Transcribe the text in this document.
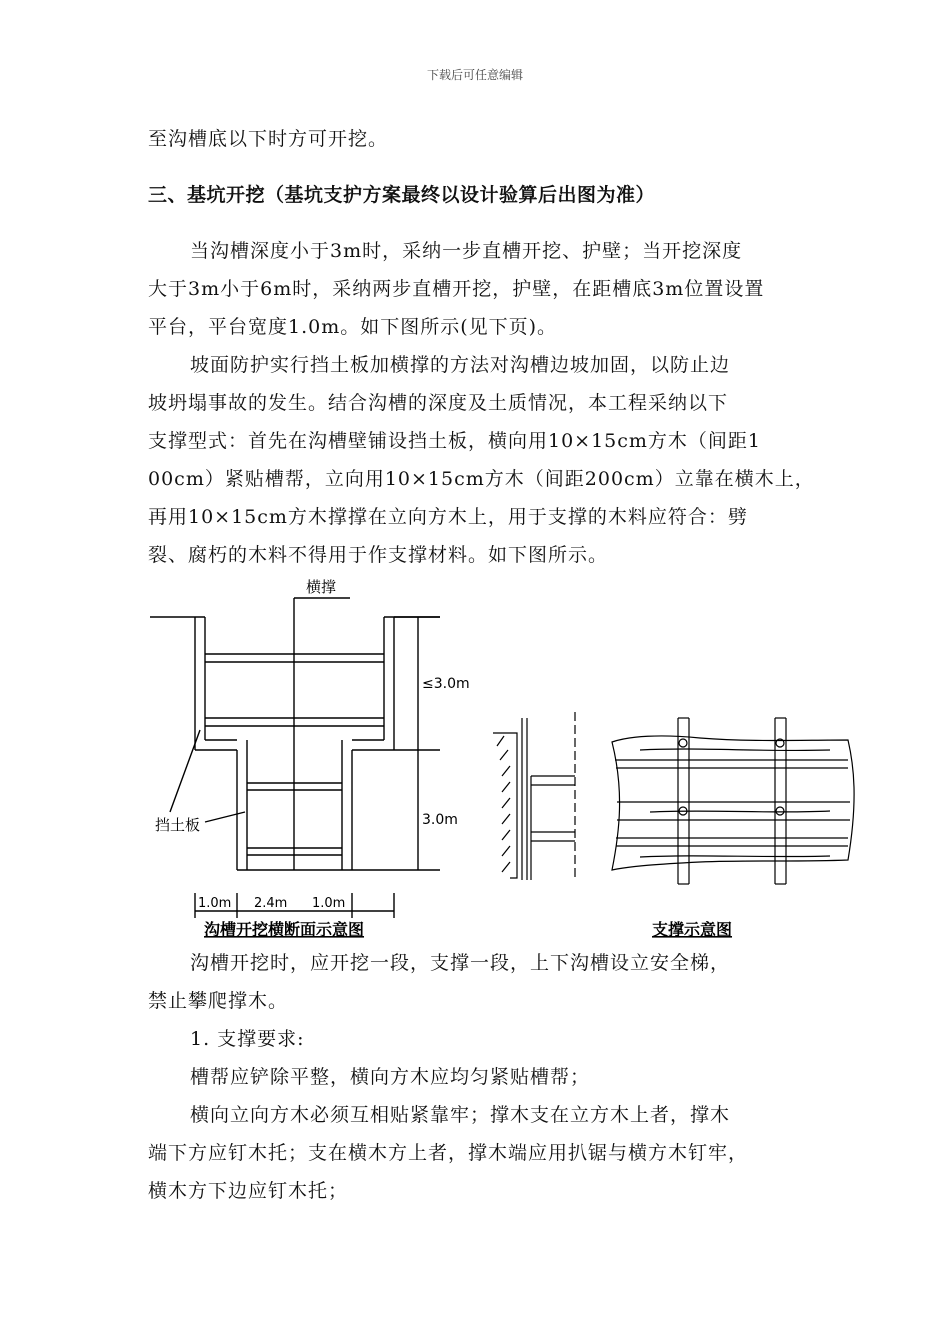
下载后可任意编辑
至沟槽底以下时方可开挖。
三、基坑开挖（基坑支护方案最终以设计验算后出图为准）
当沟槽深度小于3m时，采纳一步直槽开挖、护壁；当开挖深度
大于3m小于6m时，采纳两步直槽开挖，护壁，在距槽底3m位置设置
平台，平台宽度1.0m。如下图所示(见下页)。
坡面防护实行挡土板加横撑的方法对沟槽边坡加固，以防止边
坡坍塌事故的发生。结合沟槽的深度及土质情况，本工程采纳以下
支撑型式：首先在沟槽壁铺设挡土板，横向用10×15cm方木（间距1
00cm）紧贴槽帮，立向用10×15cm方木（间距200cm）立靠在横木上，
再用10×15cm方木撑撑在立向方木上，用于支撑的木料应符合：劈
裂、腐朽的木料不得用于作支撑材料。如下图所示。
横撑
≤3.0m
3.0m
挡土板
1.0m 2.4m 1.0m
沟槽开挖横断面示意图	支撑示意图
沟槽开挖时，应开挖一段，支撑一段，上下沟槽设立安全梯，
禁止攀爬撑木。
1. 支撑要求:
槽帮应铲除平整，横向方木应均匀紧贴槽帮；
横向立向方木必须互相贴紧靠牢；撑木支在立方木上者，撑木
端下方应钉木托；支在横木方上者，撑木端应用扒锯与横方木钉牢，
横木方下边应钉木托；
